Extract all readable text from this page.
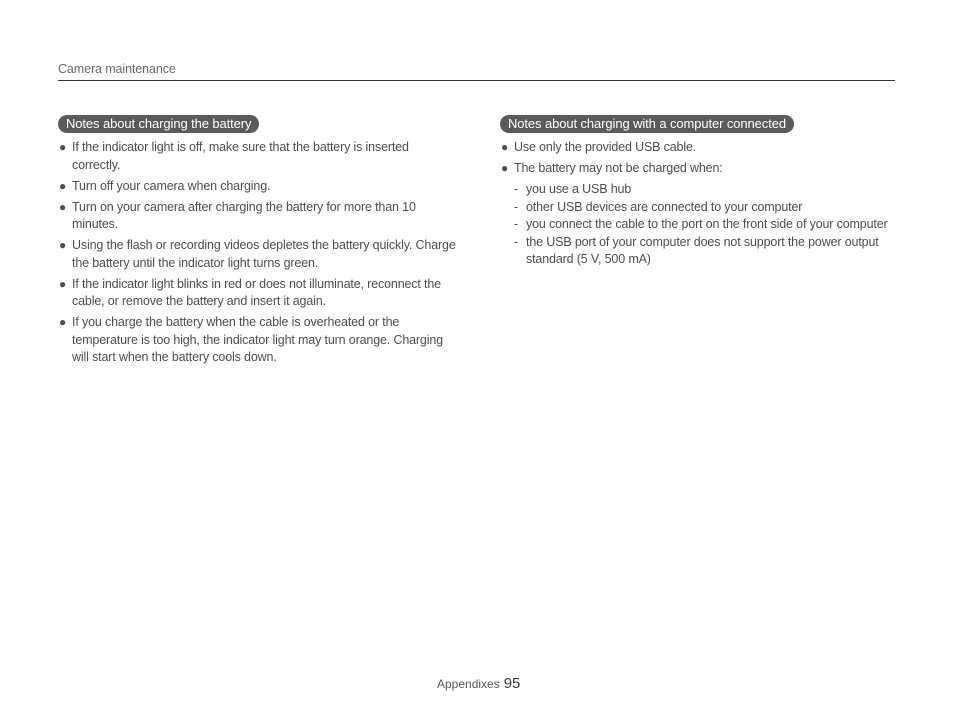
Camera maintenance
Notes about charging the battery
● If the indicator light is off, make sure that the battery is inserted correctly.
● Turn off your camera when charging.
● Turn on your camera after charging the battery for more than 10 minutes.
● Using the flash or recording videos depletes the battery quickly. Charge the battery until the indicator light turns green.
● If the indicator light blinks in red or does not illuminate, reconnect the cable, or remove the battery and insert it again.
● If you charge the battery when the cable is overheated or the temperature is too high, the indicator light may turn orange. Charging will start when the battery cools down.
Notes about charging with a computer connected
● Use only the provided USB cable.
● The battery may not be charged when:
- you use a USB hub
- other USB devices are connected to your computer
- you connect the cable to the port on the front side of your computer
- the USB port of your computer does not support the power output standard (5 V, 500 mA)
Appendixes 95
